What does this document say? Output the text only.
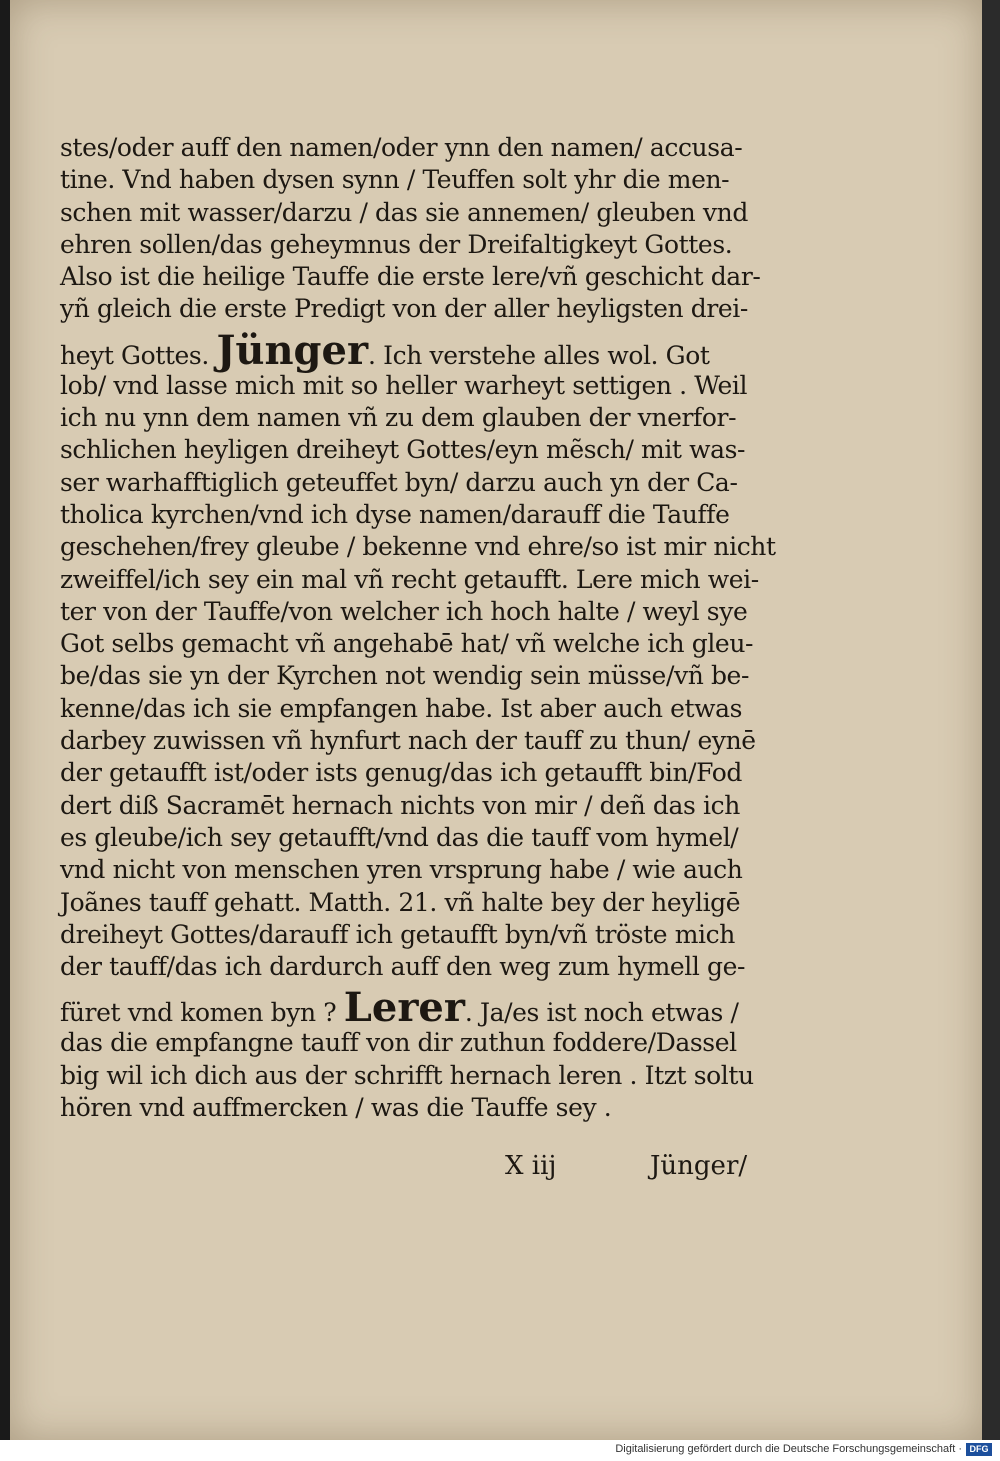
stes/oder auff den namen/oder ynn den namen/ accusa‑
tine. Vnd haben dysen synn / Teuffen solt yhr die men‑
schen mit wasser/darzu / das sie annemen/ gleuben vnd
ehren sollen/das geheymnus der Dreifaltigkeyt Gottes.
Also ist die heilige Tauffe die erste lere/vñ geschicht dar‑
yñ gleich die erste Predigt von der aller heyligsten drei‑
heyt Gottes. Jünger. Ich verstehe alles wol. Got
lob/ vnd lasse mich mit so heller warheyt settigen . Weil
ich nu ynn dem namen vñ zu dem glauben der vnerfor‑
schlichen heyligen dreiheyt Gottes/eyn mẽsch/ mit was‑
ser warhafftiglich geteuffet byn/ darzu auch yn der Ca‑
tholica kyrchen/vnd ich dyse namen/darauff die Tauffe
geschehen/frey gleube / bekenne vnd ehre/so ist mir nicht
zweiffel/ich sey ein mal vñ recht getaufft. Lere mich wei‑
ter von der Tauffe/von welcher ich hoch halte / weyl sye
Got selbs gemacht vñ angehabē hat/ vñ welche ich gleu‑
be/das sie yn der Kyrchen not wendig sein müsse/vñ be‑
kenne/das ich sie empfangen habe. Ist aber auch etwas
darbey zuwissen vñ hynfurt nach der tauff zu thun/ eynē
der getaufft ist/oder ists genug/das ich getaufft bin/Fod
dert diß Sacramēt hernach nichts von mir / deñ das ich
es gleube/ich sey getaufft/vnd das die tauff vom hymel/
vnd nicht von menschen yren vrsprung habe / wie auch
Joãnes tauff gehatt. Matth. 21. vñ halte bey der heyligē
dreiheyt Gottes/darauff ich getaufft byn/vñ tröste mich
der tauff/das ich dardurch auff den weg zum hymell ge‑
füret vnd komen byn ? Lerer. Ja/es ist noch etwas /
das die empfangne tauff von dir zuthun foddere/Dassel
big wil ich dich aus der schrifft hernach leren . Itzt soltu
hören vnd auffmercken / was die Tauffe sey .
X iij	Jünger/
Digitalisierung gefördert durch die Deutsche Forschungsgemeinschaft · DFG
